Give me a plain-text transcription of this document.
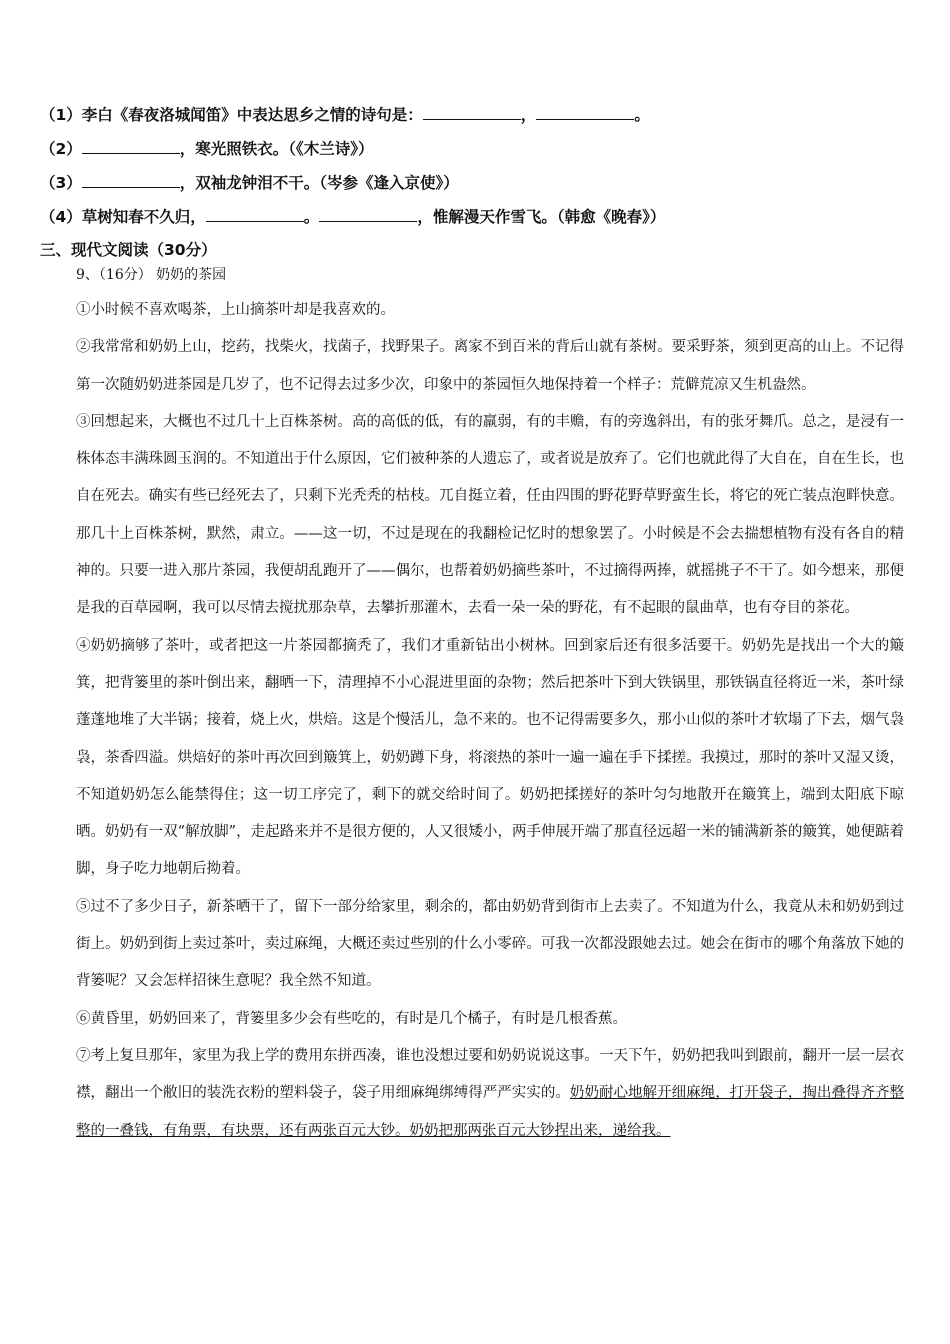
（1）李白《春夜洛城闻笛》中表达思乡之情的诗句是：	，	。
（2）	，寒光照铁衣。（《木兰诗》）
（3）	，双袖龙钟泪不干。（岑参《逢入京使》）
（4）草树知春不久归，	。	，惟解漫天作雪飞。（韩愈《晚春》）
三、现代文阅读（30分）
9、（16分） 奶奶的茶园

①小时候不喜欢喝茶，上山摘茶叶却是我喜欢的。

②我常常和奶奶上山，挖药，找柴火，找菌子，找野果子。离家不到百米的背后山就有茶树。要采野茶，须到更高的山上。不记得第一次随奶奶进茶园是几岁了，也不记得去过多少次，印象中的茶园恒久地保持着一个样子：荒僻荒凉又生机盎然。

③回想起来，大概也不过几十上百株茶树。高的高低的低，有的羸弱，有的丰赡，有的旁逸斜出，有的张牙舞爪。总之，是浸有一株体态丰满珠圆玉润的。不知道出于什么原因，它们被种茶的人遗忘了，或者说是放弃了。它们也就此得了大自在，自在生长，也自在死去。确实有些已经死去了，只剩下光秃秃的枯枝。兀自挺立着，任由四围的野花野草野蛮生长，将它的死亡装点泡畔快意。那几十上百株茶树，默然，肃立。——这一切，不过是现在的我翻检记忆时的想象罢了。小时候是不会去揣想植物有没有各自的精神的。只要一进入那片茶园，我便胡乱跑开了——偶尔，也帮着奶奶摘些茶叶，不过摘得两捧，就摇挑子不干了。如今想来，那便是我的百草园啊，我可以尽情去搅扰那杂草，去攀折那灌木，去看一朵一朵的野花，有不起眼的鼠曲草，也有夺目的茶花。

④奶奶摘够了茶叶，或者把这一片茶园都摘秃了，我们才重新钻出小树林。回到家后还有很多活要干。奶奶先是找出一个大的簸箕，把背篓里的茶叶倒出来，翻晒一下，清理掉不小心混进里面的杂物；然后把茶叶下到大铁锅里，那铁锅直径将近一米，茶叶绿蓬蓬地堆了大半锅；接着，烧上火，烘焙。这是个慢活儿，急不来的。也不记得需要多久，那小山似的茶叶才软塌了下去，烟气袅袅，茶香四溢。烘焙好的茶叶再次回到簸箕上，奶奶蹲下身，将滚热的茶叶一遍一遍在手下揉搓。我摸过，那时的茶叶又湿又烫，不知道奶奶怎么能禁得住；这一切工序完了，剩下的就交给时间了。奶奶把揉搓好的茶叶匀匀地散开在簸箕上，端到太阳底下晾晒。奶奶有一双“解放脚”，走起路来并不是很方便的，人又很矮小，两手伸展开端了那直径远超一米的铺满新茶的簸箕，她便踮着脚，身子吃力地朝后拗着。

⑤过不了多少日子，新茶晒干了，留下一部分给家里，剩余的，都由奶奶背到街市上去卖了。不知道为什么，我竟从未和奶奶到过街上。奶奶到街上卖过茶叶，卖过麻绳，大概还卖过些别的什么小零碎。可我一次都没跟她去过。她会在街市的哪个角落放下她的背篓呢？又会怎样招徕生意呢？我全然不知道。

⑥黄昏里，奶奶回来了，背篓里多少会有些吃的，有时是几个橘子，有时是几根香蕉。

⑦考上复旦那年，家里为我上学的费用东拼西凑，谁也没想过要和奶奶说说这事。一天下午，奶奶把我叫到跟前，翻开一层一层衣襟，翻出一个敝旧的装洗衣粉的塑料袋子，袋子用细麻绳绑缚得严严实实的。奶奶耐心地解开细麻绳，打开袋子，掏出叠得齐齐整整的一叠钱，有角票，有块票，还有两张百元大钞。奶奶把那两张百元大钞捏出来，递给我。
